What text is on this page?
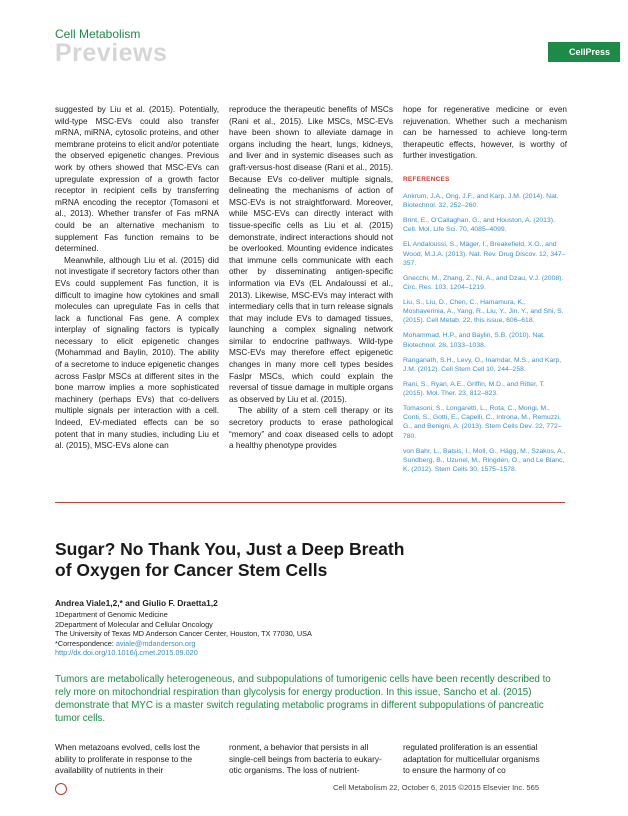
Cell Metabolism
Previews	CellPress

suggested by Liu et al. (2015). Potentially, wild-type MSC-EVs could also transfer mRNA, miRNA, cytosolic proteins, and other membrane proteins to elicit and/or potentiate the observed epigenetic changes. Previous work by others showed that MSC-EVs can upregulate expression of a growth factor receptor in recipient cells by transferring mRNA encoding the receptor (Tomasoni et al., 2013). Whether transfer of Fas mRNA could be an alternative mechanism to supplement Fas function remains to be determined.

Meanwhile, although Liu et al. (2015) did not investigate if secretory factors other than EVs could supplement Fas function, it is difficult to imagine how cytokines and small molecules can upregulate Fas in cells that lack a functional Fas gene. A complex interplay of signaling factors is typically necessary to elicit epigenetic changes (Mohammad and Baylin, 2010). The ability of a secretome to induce epigenetic changes across Faslpr MSCs at different sites in the bone marrow implies a more sophisticated machinery (perhaps EVs) that co-delivers multiple signals per interaction with a cell. Indeed, EV-mediated effects can be so potent that in many studies, including Liu et al. (2015), MSC-EVs alone can

reproduce the therapeutic benefits of MSCs (Rani et al., 2015). Like MSCs, MSC-EVs have been shown to alleviate damage in organs including the heart, lungs, kidneys, and liver and in systemic diseases such as graft-versus-host disease (Rani et al., 2015). Because EVs co-deliver multiple signals, delineating the mechanisms of action of MSC-EVs is not straightforward. Moreover, while MSC-EVs can directly interact with tissue-specific cells as Liu et al. (2015) demonstrate, indirect interactions should not be overlooked. Mounting evidence indicates that immune cells communicate with each other by disseminating antigen-specific information via EVs (EL Andaloussi et al., 2013). Likewise, MSC-EVs may interact with intermediary cells that in turn release signals that may include EVs to damaged tissues, launching a complex signaling network similar to endocrine pathways. Wild-type MSC-EVs may therefore effect epigenetic changes in many more cell types besides Faslpr MSCs, which could explain the reversal of tissue damage in multiple organs as observed by Liu et al. (2015).

The ability of a stem cell therapy or its secretory products to erase pathological “memory” and coax diseased cells to adopt a healthy phenotype provides

hope for regenerative medicine or even rejuvenation. Whether such a mechanism can be harnessed to achieve long-term therapeutic effects, however, is worthy of further investigation.
REFERENCES
Ankrum, J.A., Ong, J.F., and Karp, J.M. (2014). Nat. Biotechnol. 32, 252–260.
Brint, E., O’Callaghan, G., and Houston, A. (2013). Cell. Mol. Life Sci. 70, 4085–4099.
EL Andaloussi, S., Mäger, I., Breakefield, X.O., and Wood, M.J.A. (2013). Nat. Rev. Drug Discov. 12, 347–357.
Gnecchi, M., Zhang, Z., Ni, A., and Dzau, V.J. (2008). Circ. Res. 103, 1204–1219.
Liu, S., Liu, D., Chen, C., Hamamura, K., Moshaverinia, A., Yang, R., Liu, Y., Jin, Y., and Shi, S. (2015). Cell Metab. 22, this issue, 606–618.
Mohammad, H.P., and Baylin, S.B. (2010). Nat. Biotechnol. 28, 1033–1038.
Ranganath, S.H., Levy, O., Inamdar, M.S., and Karp, J.M. (2012). Cell Stem Cell 10, 244–258.
Rani, S., Ryan, A.E., Griffin, M.D., and Ritter, T. (2015). Mol. Ther. 23, 812–823.
Tomasoni, S., Longaretti, L., Rota, C., Morigi, M., Conti, S., Gotti, E., Capelli, C., Introna, M., Remuzzi, G., and Benigni, A. (2013). Stem Cells Dev. 22, 772–780.
von Bahr, L., Batsis, I., Moll, G., Hägg, M., Szakos, A., Sundberg, B., Uzunel, M., Ringdén, O., and Le Blanc, K. (2012). Stem Cells 30, 1575–1578.
Sugar? No Thank You, Just a Deep Breath
of Oxygen for Cancer Stem Cells
Andrea Viale1,2,* and Giulio F. Draetta1,2
1Department of Genomic Medicine
2Department of Molecular and Cellular Oncology
The University of Texas MD Anderson Cancer Center, Houston, TX 77030, USA
*Correspondence: aviale@mdanderson.org
http://dx.doi.org/10.1016/j.cmet.2015.09.020
Tumors are metabolically heterogeneous, and subpopulations of tumorigenic cells have been recently described to rely more on mitochondrial respiration than glycolysis for energy production. In this issue, Sancho et al. (2015) demonstrate that MYC is a master switch regulating metabolic programs in different subpopulations of pancreatic tumor cells.
When metazoans evolved, cells lost the
ability to proliferate in response to the
availability of nutrients in their
ronment, a behavior that persists in all
single-cell beings from bacteria to eukary-
otic organisms. The loss of nutrient-
regulated proliferation is an essential
adaptation for multicellular organisms
to ensure the harmony of co
Cell Metabolism 22, October 6, 2015 ©2015 Elsevier Inc. 565
